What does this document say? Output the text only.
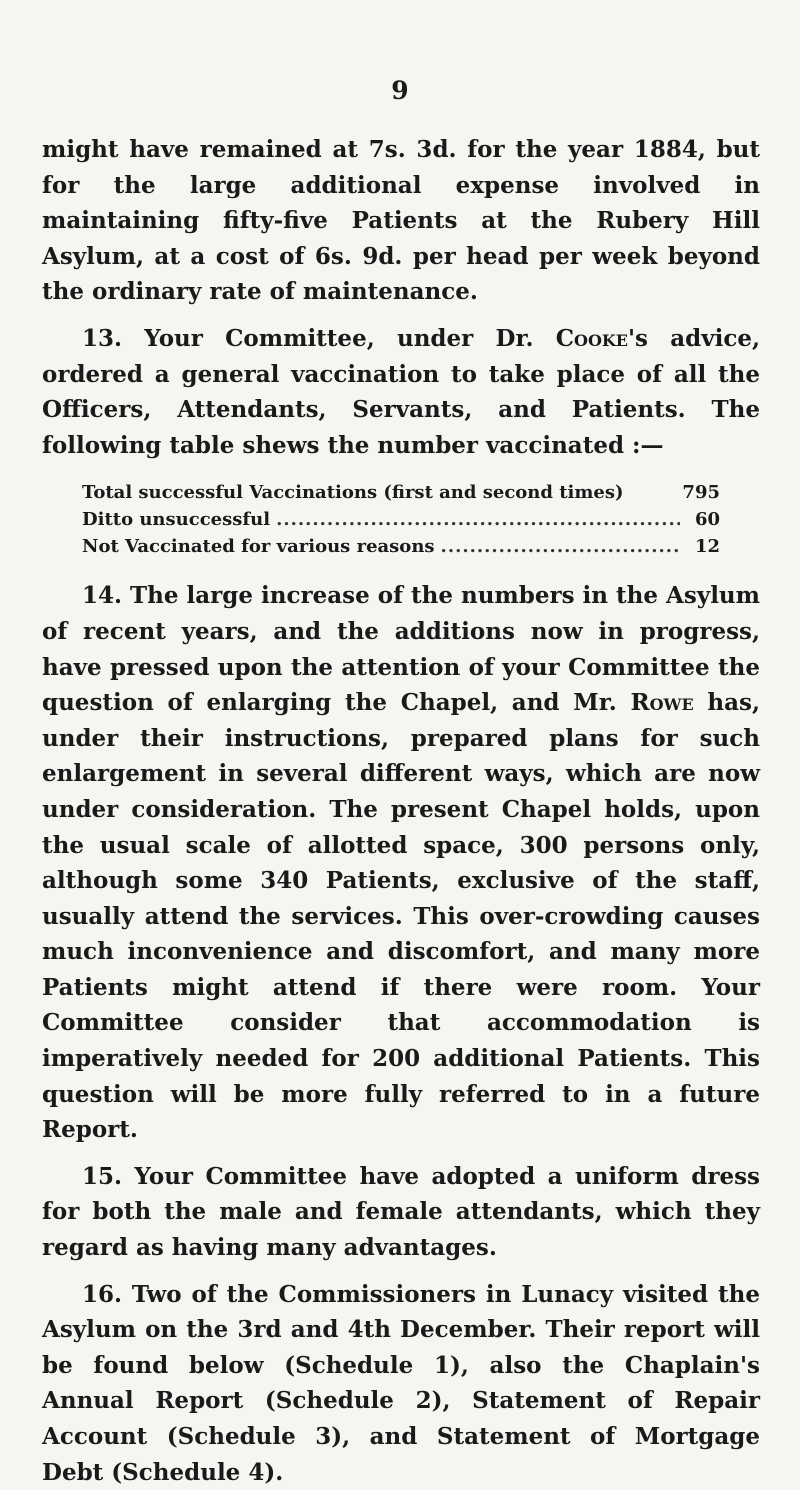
9

might have remained at 7s. 3d. for the year 1884, but for the large additional expense involved in maintaining fifty-five Patients at the Rubery Hill Asylum, at a cost of 6s. 9d. per head per week beyond the ordinary rate of maintenance.

13. Your Committee, under Dr. Cooke's advice, ordered a general vaccination to take place of all the Officers, Attendants, Servants, and Patients. The following table shews the number vaccinated :—

Total successful Vaccinations (first and second times)	795
Ditto unsuccessful .....	60
Not Vaccinated for various reasons .....	12

14. The large increase of the numbers in the Asylum of recent years, and the additions now in progress, have pressed upon the attention of your Committee the question of enlarging the Chapel, and Mr. Rowe has, under their instructions, prepared plans for such enlargement in several different ways, which are now under consideration. The present Chapel holds, upon the usual scale of allotted space, 300 persons only, although some 340 Patients, exclusive of the staff, usually attend the services. This over-crowding causes much inconvenience and discomfort, and many more Patients might attend if there were room. Your Committee consider that accommodation is imperatively needed for 200 additional Patients. This question will be more fully referred to in a future Report.

15. Your Committee have adopted a uniform dress for both the male and female attendants, which they regard as having many advantages.

16. Two of the Commissioners in Lunacy visited the Asylum on the 3rd and 4th December. Their report will be found below (Schedule 1), also the Chaplain's Annual Report (Schedule 2), Statement of Repair Account (Schedule 3), and Statement of Mortgage Debt (Schedule 4).
